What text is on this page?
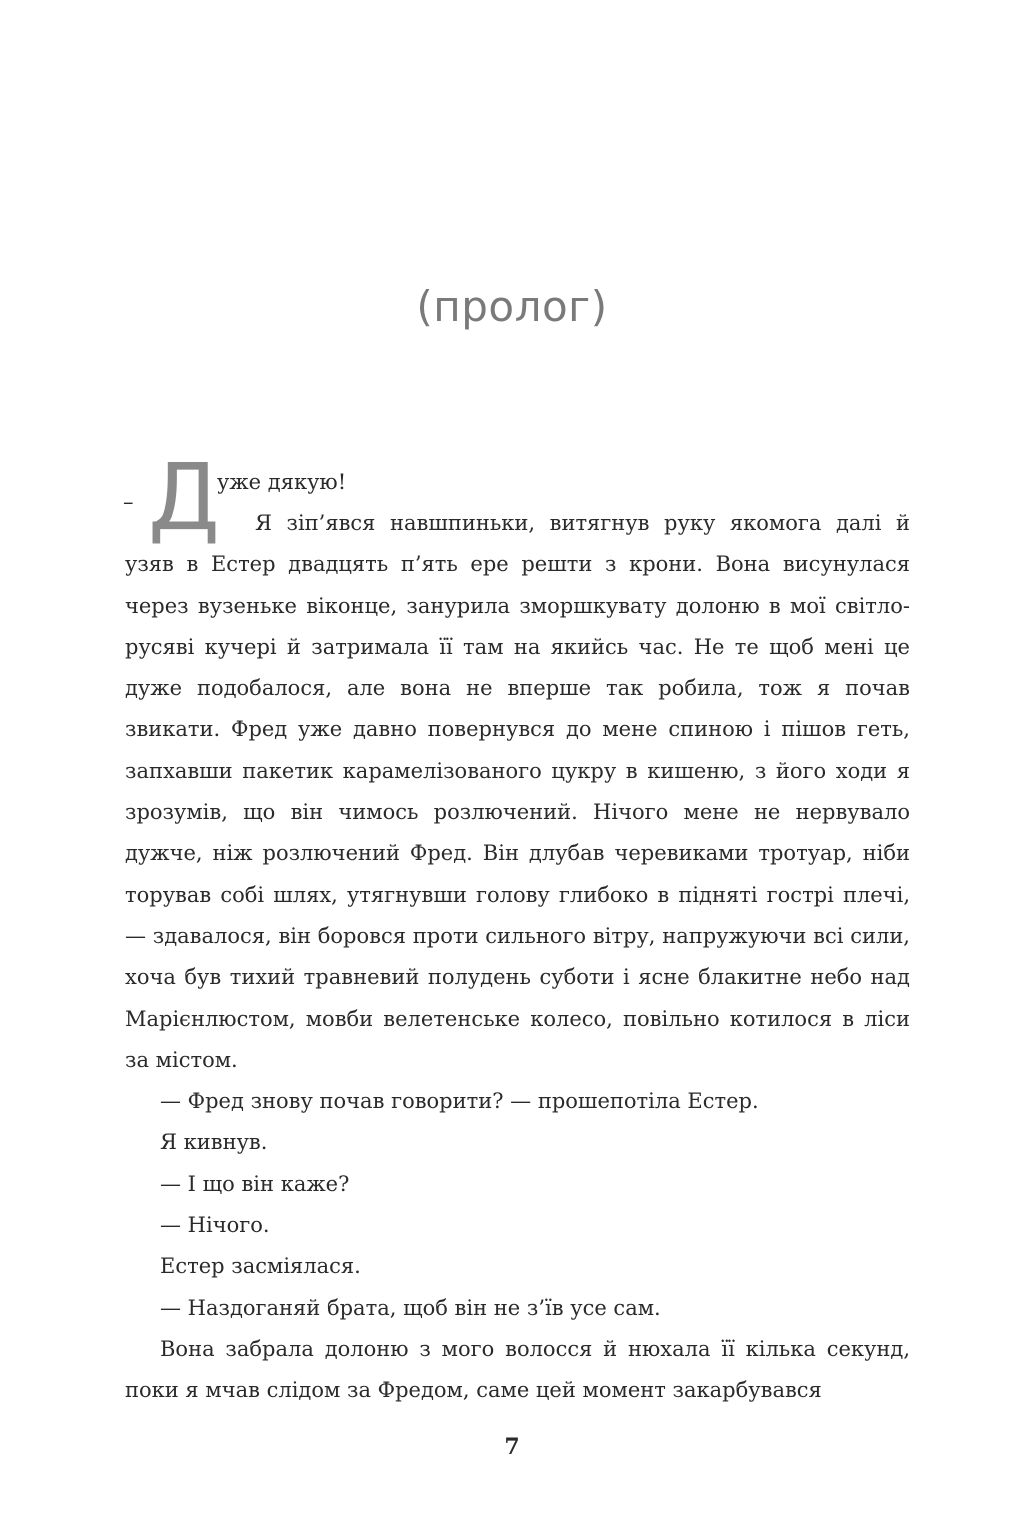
(пролог)
– Д
уже дякую!

Я зіп’явся навшпиньки, витягнув руку якомога далі й узяв в Естер двадцять п’ять ере решти з крони. Вона висунулася через вузеньке віконце, занурила зморшкувату долоню в мої світло-русяві кучері й затримала її там на якийсь час. Не те щоб мені це дуже подобалося, але вона не вперше так робила, тож я почав звикати. Фред уже давно повернувся до мене спиною і пішов геть, запхавши пакетик карамелізованого цукру в кишеню, з його ходи я зрозумів, що він чимось розлючений. Нічого мене не нервувало дужче, ніж розлючений Фред. Він длубав черевиками тротуар, ніби торував собі шлях, утягнувши голову глибоко в підняті гострі плечі, — здавалося, він боровся проти сильного вітру, напружуючи всі сили, хоча був тихий травневий полудень суботи і ясне блакитне небо над Марієнлюстом, мовби велетенське колесо, повільно котилося в ліси за містом.

— Фред знову почав говорити? — прошепотіла Естер.

Я кивнув.

— І що він каже?

— Нічого.

Естер засміялася.

— Наздоганяй брата, щоб він не з’їв усе сам.

Вона забрала долоню з мого волосся й нюхала її кілька секунд, поки я мчав слідом за Фредом, саме цей момент закарбувався

7
